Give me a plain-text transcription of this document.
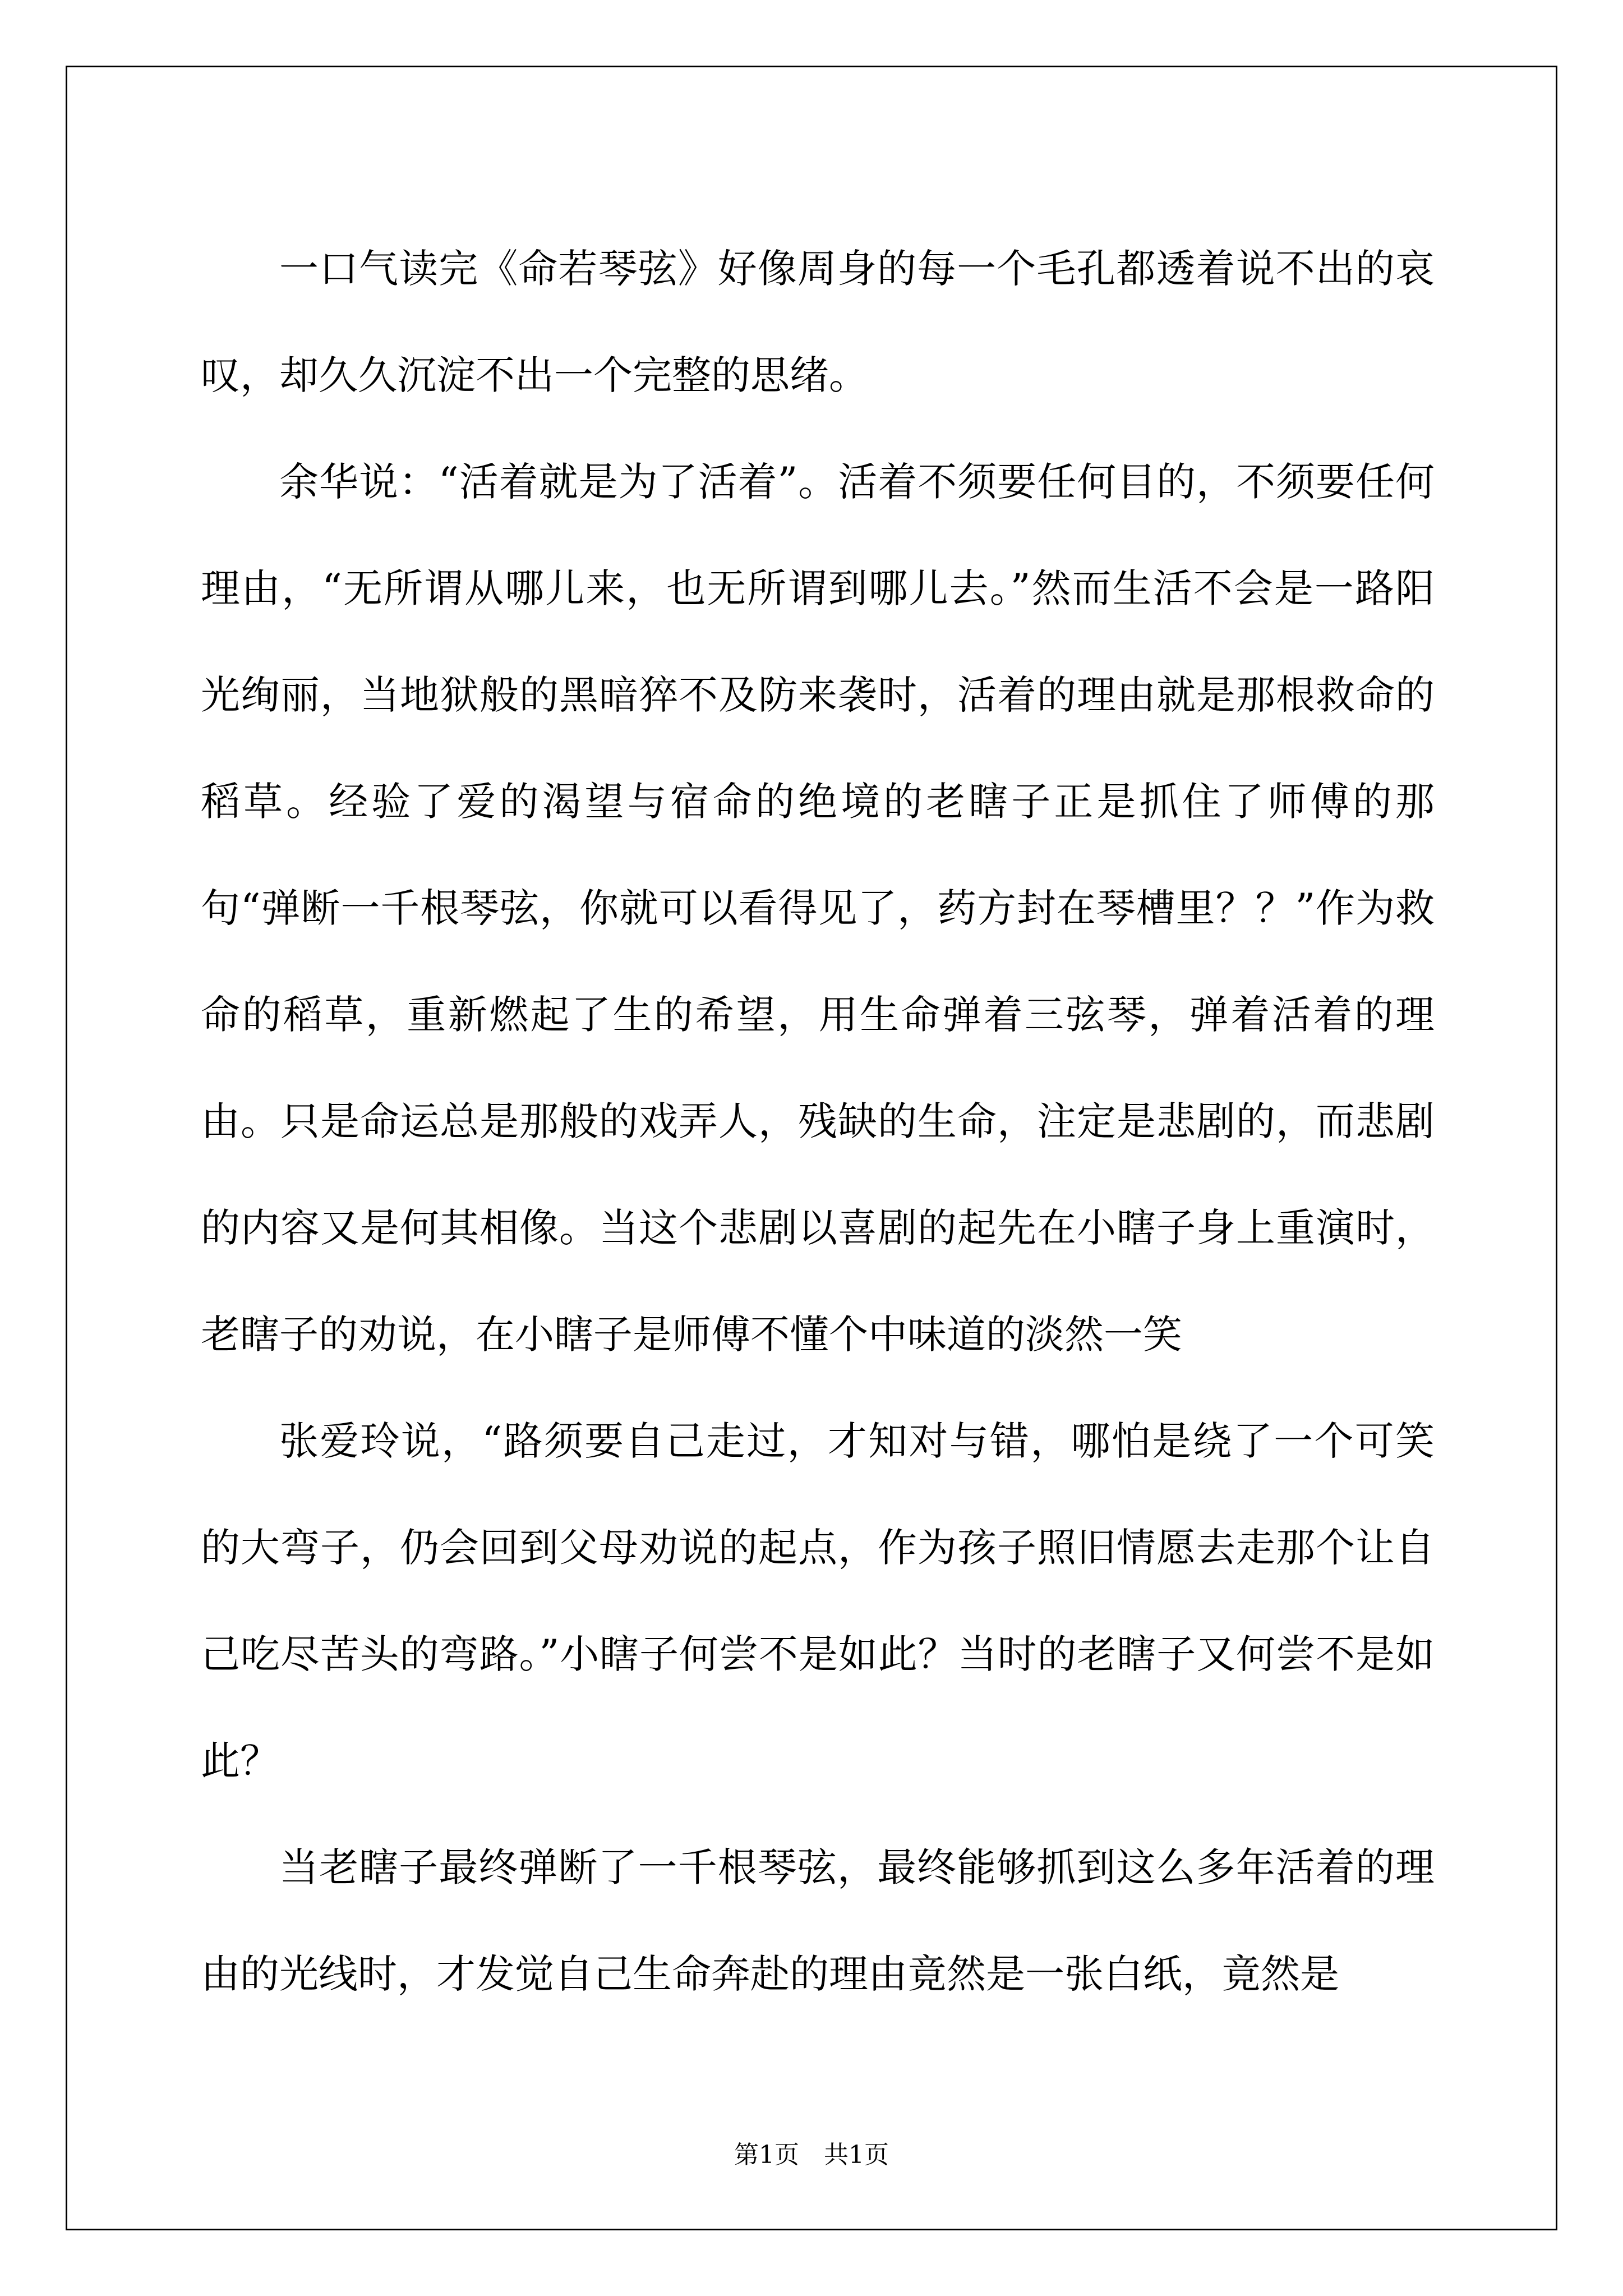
一口气读完《命若琴弦》好像周身的每一个毛孔都透着说不出的哀叹，却久久沉淀不出一个完整的思绪。

余华说：“活着就是为了活着”。活着不须要任何目的，不须要任何理由，“无所谓从哪儿来，也无所谓到哪儿去。”然而生活不会是一路阳光绚丽，当地狱般的黑暗猝不及防来袭时，活着的理由就是那根救命的稻草。经验了爱的渴望与宿命的绝境的老瞎子正是抓住了师傅的那句“弹断一千根琴弦，你就可以看得见了，药方封在琴槽里？？”作为救命的稻草，重新燃起了生的希望，用生命弹着三弦琴，弹着活着的理由。只是命运总是那般的戏弄人，残缺的生命，注定是悲剧的，而悲剧的内容又是何其相像。当这个悲剧以喜剧的起先在小瞎子身上重演时，老瞎子的劝说，在小瞎子是师傅不懂个中味道的淡然一笑

张爱玲说，“路须要自己走过，才知对与错，哪怕是绕了一个可笑的大弯子，仍会回到父母劝说的起点，作为孩子照旧情愿去走那个让自己吃尽苦头的弯路。”小瞎子何尝不是如此？当时的老瞎子又何尝不是如此？

当老瞎子最终弹断了一千根琴弦，最终能够抓到这么多年活着的理由的光线时，才发觉自己生命奔赴的理由竟然是一张白纸，竟然是

第1页　共1页
